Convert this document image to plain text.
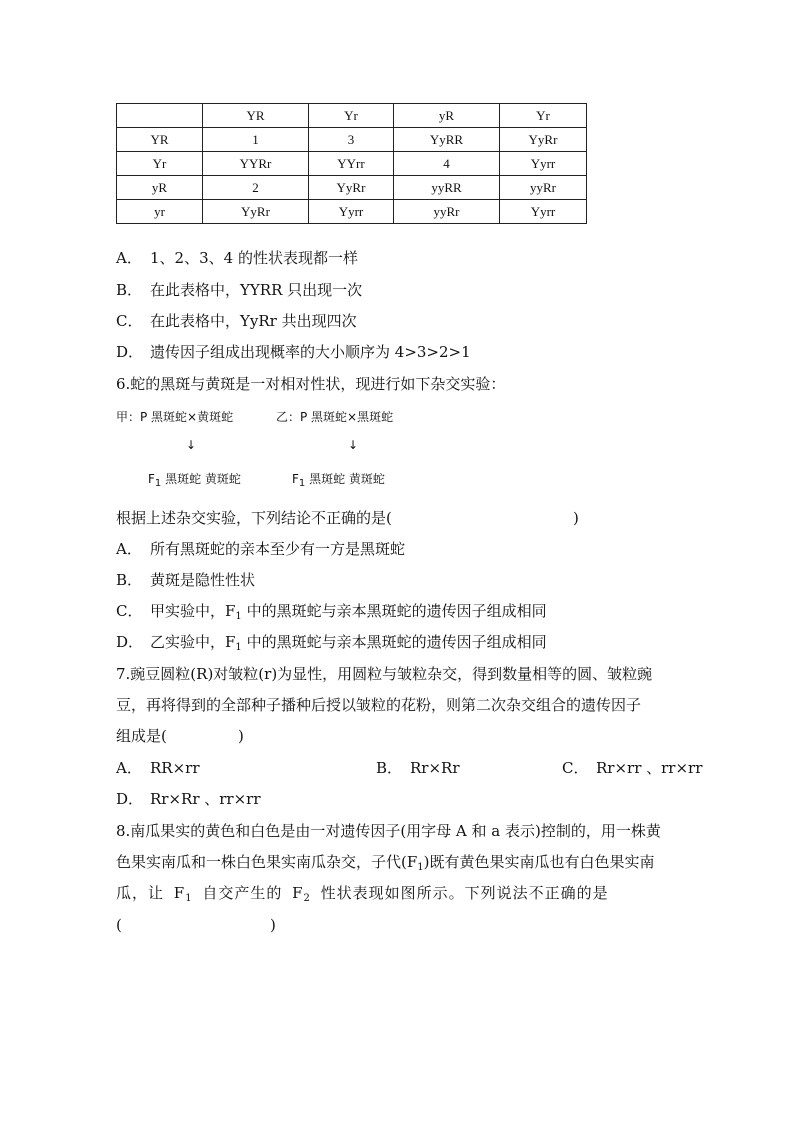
	YR	Yr	yR	Yr
YR	1	3	YyRR	YyRr
Yr	YYRr	YYrr	4	Yyrr
yR	2	YyRr	yyRR	yyRr
yr	YyRr	Yyrr	yyRr	Yyrr
A． 1、2、3、4 的性状表现都一样
B． 在此表格中，YYRR 只出现一次
C． 在此表格中，YyRr 共出现四次
D． 遗传因子组成出现概率的大小顺序为 4>3>2>1
6.蛇的黑斑与黄斑是一对相对性状，现进行如下杂交实验：
甲：P 黑斑蛇×黄斑蛇	乙：P 黑斑蛇×黑斑蛇
↓	↓
$F_1$ 黑斑蛇 黄斑蛇	$F_1$ 黑斑蛇 黄斑蛇
根据上述杂交实验，下列结论不正确的是(	)
A． 所有黑斑蛇的亲本至少有一方是黑斑蛇
B． 黄斑是隐性性状
C． 甲实验中，$F_1$ 中的黑斑蛇与亲本黑斑蛇的遗传因子组成相同
D． 乙实验中，$F_1$ 中的黑斑蛇与亲本黑斑蛇的遗传因子组成相同
7.豌豆圆粒(R)对皱粒(r)为显性，用圆粒与皱粒杂交，得到数量相等的圆、皱粒豌
豆，再将得到的全部种子播种后授以皱粒的花粉，则第二次杂交组合的遗传因子
组成是(	)
A． RR×rr	B． Rr×Rr	C． Rr×rr 、rr×rr
D． Rr×Rr 、rr×rr
8.南瓜果实的黄色和白色是由一对遗传因子(用字母 A 和 a 表示)控制的，用一株黄
色果实南瓜和一株白色果实南瓜杂交，子代$(F_1)$既有黄色果实南瓜也有白色果实南
瓜，让 $F_1$ 自交产生的 $F_2$ 性状表现如图所示。下列说法不正确的是
(	)
